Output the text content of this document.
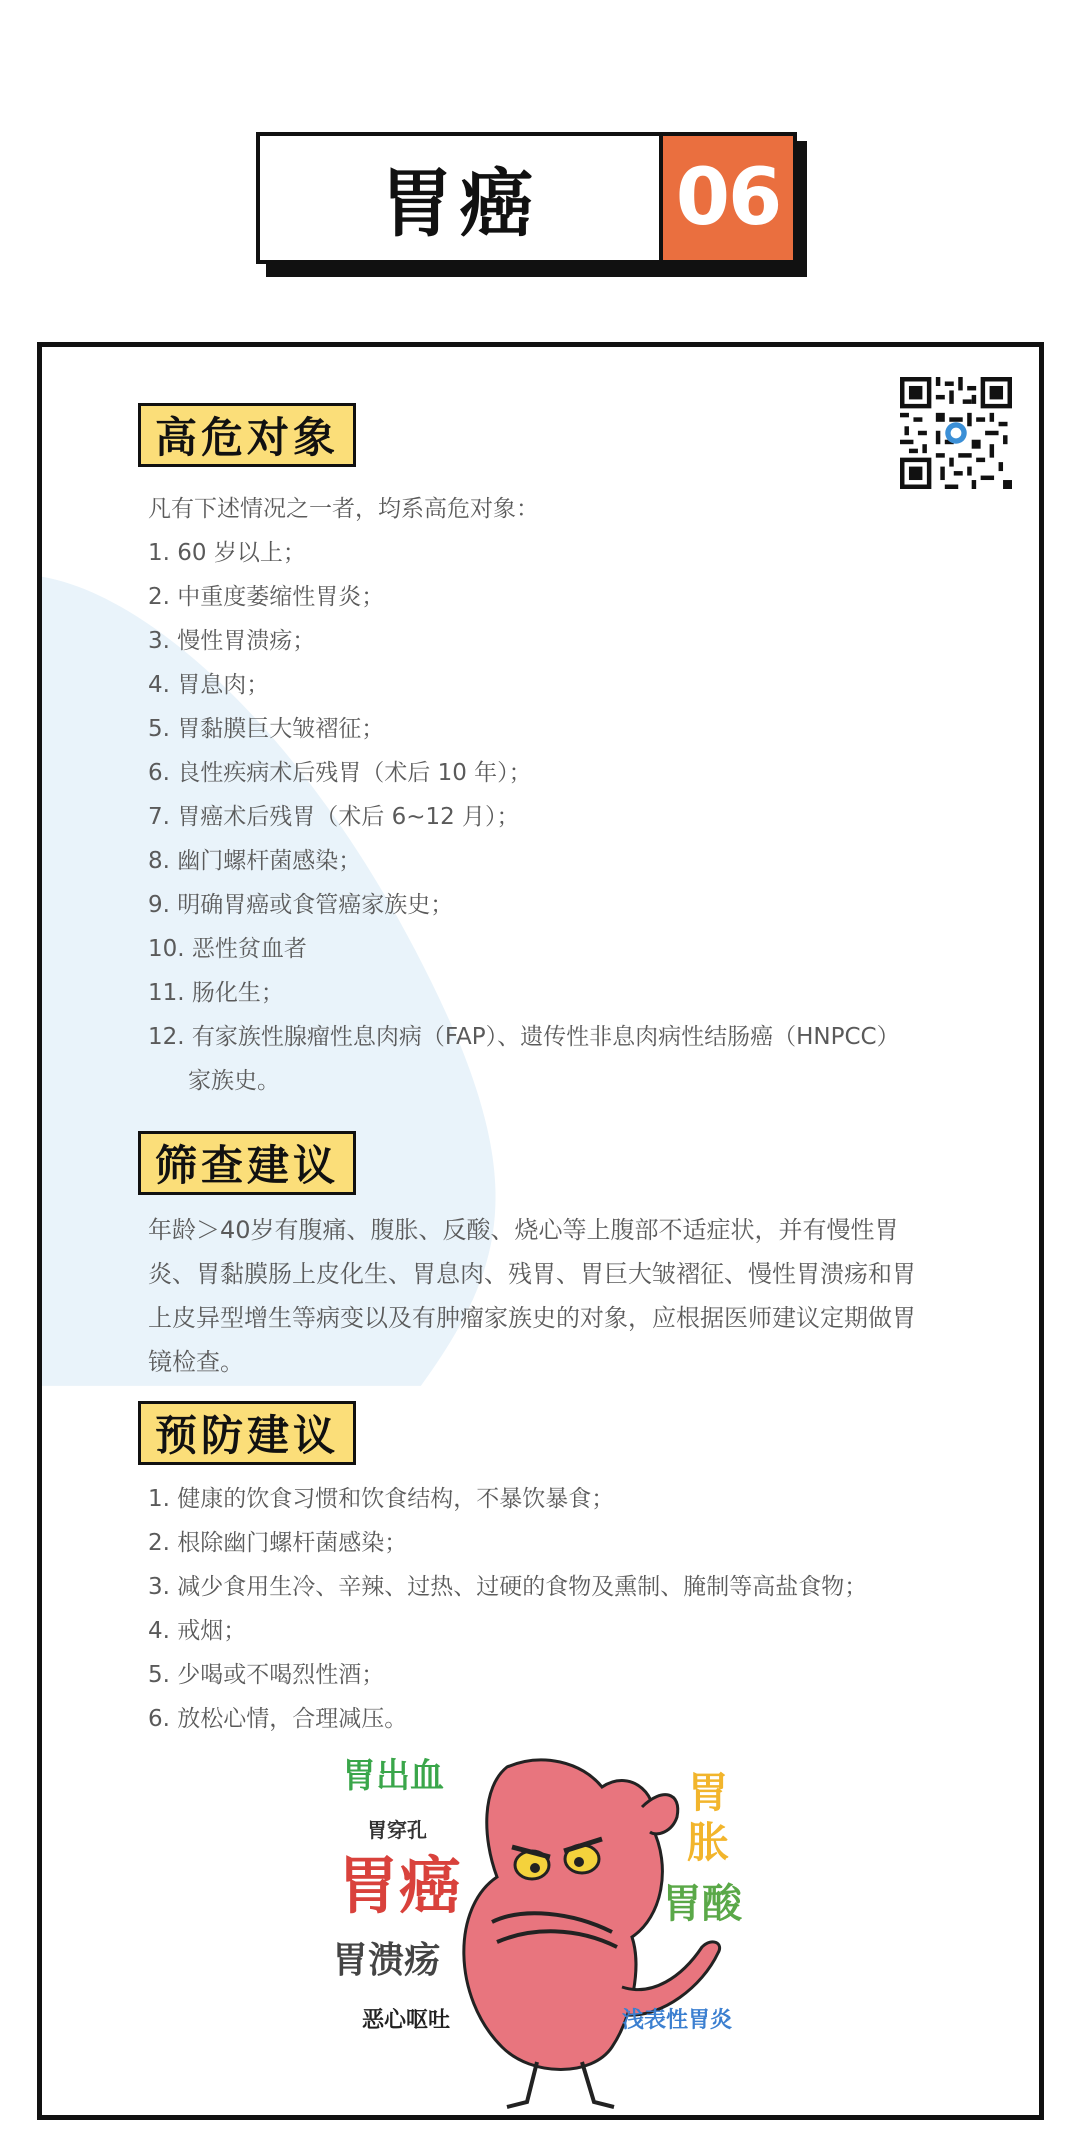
胃癌	06
高危对象
凡有下述情况之一者，均系高危对象：
1. 60 岁以上；
2. 中重度萎缩性胃炎；
3. 慢性胃溃疡；
4. 胃息肉；
5. 胃黏膜巨大皱褶征；
6. 良性疾病术后残胃（术后 10 年）；
7. 胃癌术后残胃（术后 6~12 月）；
8. 幽门螺杆菌感染；
9. 明确胃癌或食管癌家族史；
10. 恶性贫血者
11. 肠化生；
12. 有家族性腺瘤性息肉病（FAP）、遗传性非息肉病性结肠癌（HNPCC）
家族史。
筛查建议
年龄＞40岁有腹痛、腹胀、反酸、烧心等上腹部不适症状，并有慢性胃
炎、胃黏膜肠上皮化生、胃息肉、残胃、胃巨大皱褶征、慢性胃溃疡和胃
上皮异型增生等病变以及有肿瘤家族史的对象，应根据医师建议定期做胃
镜检查。
预防建议
1. 健康的饮食习惯和饮食结构，不暴饮暴食；
2. 根除幽门螺杆菌感染；
3. 减少食用生冷、辛辣、过热、过硬的食物及熏制、腌制等高盐食物；
4. 戒烟；
5. 少喝或不喝烈性酒；
6. 放松心情，合理减压。
胃出血
胃穿孔
胃癌
胃溃疡
恶心呕吐
胃
胀
胃酸
浅表性胃炎
